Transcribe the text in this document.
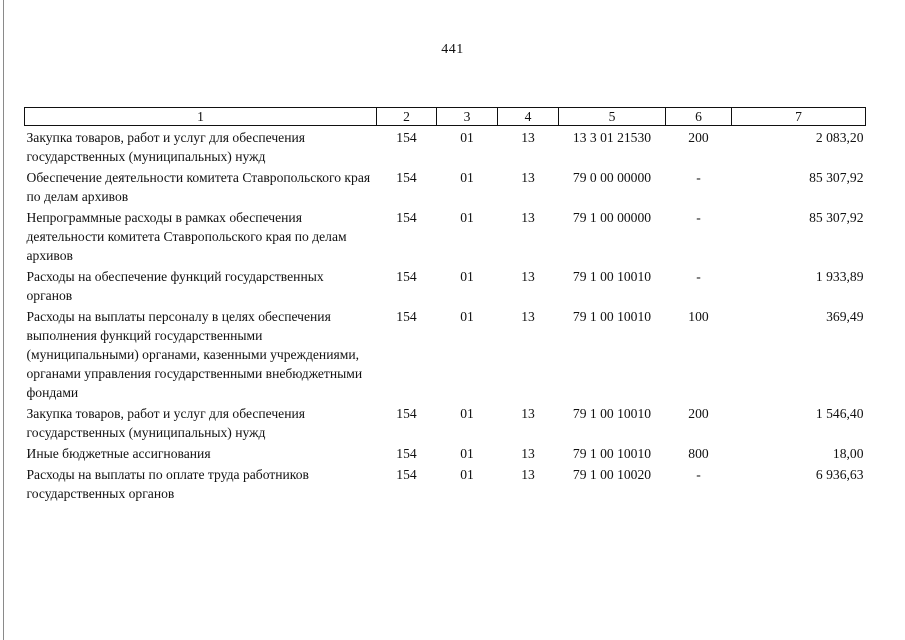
441
1	2	3	4	5	6	7
Закупка товаров, работ и услуг для обеспечения государственных (муниципальных) нужд	154	01	13	13 3 01 21530	200	2 083,20
Обеспечение деятельности комитета Ставропольского края по делам архивов	154	01	13	79 0 00 00000	-	85 307,92
Непрограммные расходы в рамках обеспечения деятельности комитета Ставропольского края по делам архивов	154	01	13	79 1 00 00000	-	85 307,92
Расходы на обеспечение функций государственных органов	154	01	13	79 1 00 10010	-	1 933,89
Расходы на выплаты персоналу в целях обеспечения выполнения функций государственными (муниципальными) органами, казенными учреждениями, органами управления государственными внебюджетными фондами	154	01	13	79 1 00 10010	100	369,49
Закупка товаров, работ и услуг для обеспечения государственных (муниципальных) нужд	154	01	13	79 1 00 10010	200	1 546,40
Иные бюджетные ассигнования	154	01	13	79 1 00 10010	800	18,00
Расходы на выплаты по оплате труда работников государственных органов	154	01	13	79 1 00 10020	-	6 936,63
